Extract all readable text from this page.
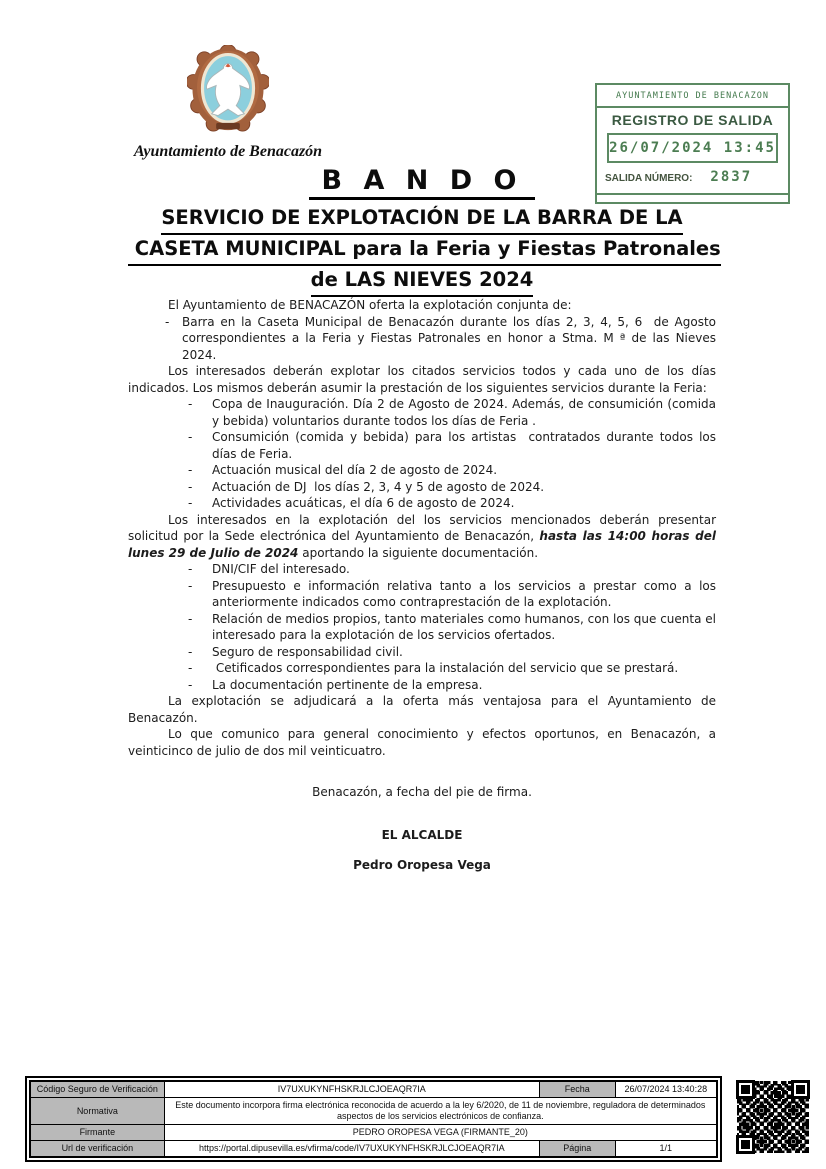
Ayuntamiento de Benacazón
AYUNTAMIENTO DE BENACAZON
REGISTRO DE SALIDA
26/07/2024 13:45
SALIDA NÚMERO: 2837
B A N D O
SERVICIO DE EXPLOTACIÓN DE LA BARRA DE LA
CASETA MUNICIPAL para la Feria y Fiestas Patronales
de LAS NIEVES 2024

El Ayuntamiento de BENACAZÓN oferta la explotación conjunta de:

- Barra en la Caseta Municipal de Benacazón durante los días 2, 3, 4, 5, 6  de Agosto correspondientes a la Feria y Fiestas Patronales en honor a Stma. M ª de las Nieves 2024.

Los interesados deberán explotar los citados servicios todos y cada uno de los días indicados. Los mismos deberán asumir la prestación de los siguientes servicios durante la Feria:

- Copa de Inauguración. Día 2 de Agosto de 2024. Además, de consumición (comida y bebida) voluntarios durante todos los días de Feria .
- Consumición (comida y bebida) para los artistas  contratados durante todos los días de Feria.
- Actuación musical del día 2 de agosto de 2024.
- Actuación de DJ  los días 2, 3, 4 y 5 de agosto de 2024.
- Actividades acuáticas, el día 6 de agosto de 2024.

Los interesados en la explotación del los servicios mencionados deberán presentar solicitud por la Sede electrónica del Ayuntamiento de Benacazón, hasta las 14:00 horas del lunes 29 de Julio de 2024 aportando la siguiente documentación.

- DNI/CIF del interesado.
- Presupuesto e información relativa tanto a los servicios a prestar como a los anteriormente indicados como contraprestación de la explotación.
- Relación de medios propios, tanto materiales como humanos, con los que cuenta el interesado para la explotación de los servicios ofertados.
- Seguro de responsabilidad civil.
-  Cetificados correspondientes para la instalación del servicio que se prestará.
- La documentación pertinente de la empresa.

La explotación se adjudicará a la oferta más ventajosa para el Ayuntamiento de Benacazón.

Lo que comunico para general conocimiento y efectos oportunos, en Benacazón, a veinticinco de julio de dos mil veinticuatro.

Benacazón, a fecha del pie de firma.

EL ALCALDE

Pedro Oropesa Vega

Código Seguro de Verificación	IV7UXUKYNFHSKRJLCJOEAQR7IA	Fecha	26/07/2024 13:40:28
Normativa	Este documento incorpora firma electrónica reconocida de acuerdo a la ley 6/2020, de 11 de noviembre, reguladora de determinados aspectos de los servicios electrónicos de confianza.		
Firmante	PEDRO OROPESA VEGA (FIRMANTE_20)		
Url de verificación	https://portal.dipusevilla.es/vfirma/code/IV7UXUKYNFHSKRJLCJOEAQR7IA	Página	1/1
